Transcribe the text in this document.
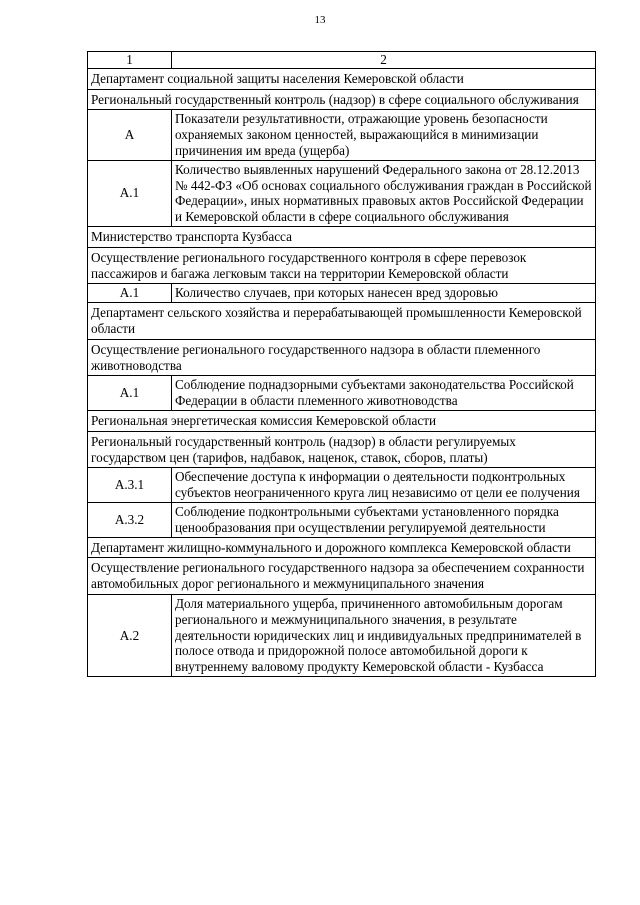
13
1	2
Департамент социальной защиты населения Кемеровской области	
Региональный государственный контроль (надзор) в сфере социального обслуживания	
А	Показатели результативности, отражающие уровень безопасности охраняемых законом ценностей, выражающийся в минимизации причинения им вреда (ущерба)
А.1	Количество выявленных нарушений Федерального закона от 28.12.2013 № 442-ФЗ «Об основах социального обслуживания граждан в Российской Федерации», иных нормативных правовых актов Российской Федерации и Кемеровской области в сфере социального обслуживания
Министерство транспорта Кузбасса	
Осуществление регионального государственного контроля в сфере перевозок пассажиров и багажа легковым такси на территории Кемеровской области	
А.1	Количество случаев, при которых нанесен вред здоровью
Департамент сельского хозяйства и перерабатывающей промышленности Кемеровской области	
Осуществление регионального государственного надзора в области племенного животноводства	
А.1	Соблюдение поднадзорными субъектами законодательства Российской Федерации в области племенного животноводства
Региональная энергетическая комиссия Кемеровской области	
Региональный государственный контроль (надзор) в области регулируемых государством цен (тарифов, надбавок, наценок, ставок, сборов, платы)	
А.3.1	Обеспечение доступа к информации о деятельности подконтрольных субъектов неограниченного круга лиц независимо от цели ее получения
А.3.2	Соблюдение подконтрольными субъектами установленного порядка ценообразования при осуществлении регулируемой деятельности
Департамент жилищно-коммунального и дорожного комплекса Кемеровской области	
Осуществление регионального государственного надзора за обеспечением сохранности автомобильных дорог регионального и межмуниципального значения	
А.2	Доля материального ущерба, причиненного автомобильным дорогам регионального и межмуниципального значения, в результате деятельности юридических лиц и индивидуальных предпринимателей в полосе отвода и придорожной полосе автомобильной дороги к внутреннему валовому продукту Кемеровской области - Кузбасса
